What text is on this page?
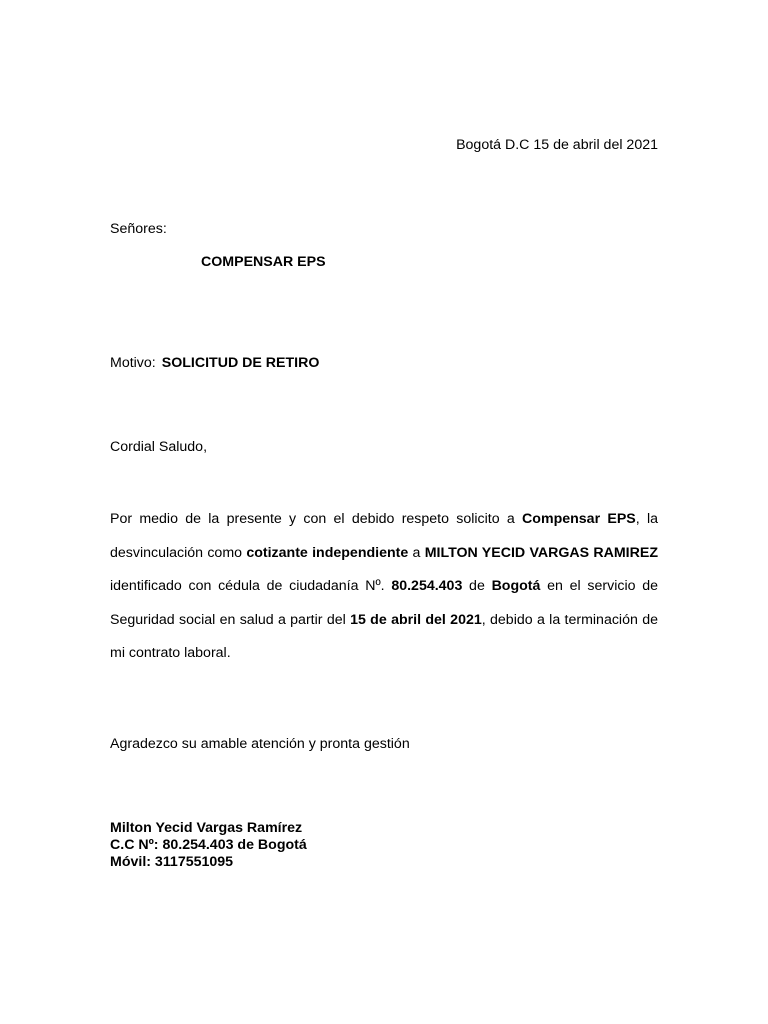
Bogotá D.C 15 de abril del 2021
Señores:
COMPENSAR EPS
Motivo: SOLICITUD DE RETIRO
Cordial Saludo,

Por medio de la presente y con el debido respeto solicito a Compensar EPS, la desvinculación como cotizante independiente a MILTON YECID VARGAS RAMIREZ identificado con cédula de ciudadanía Nº. 80.254.403 de Bogotá en el servicio de Seguridad social en salud a partir del 15 de abril del 2021, debido a la terminación de mi contrato laboral.

Agradezco su amable atención y pronta gestión
Milton Yecid Vargas Ramírez
C.C Nº: 80.254.403 de Bogotá
Móvil: 3117551095
